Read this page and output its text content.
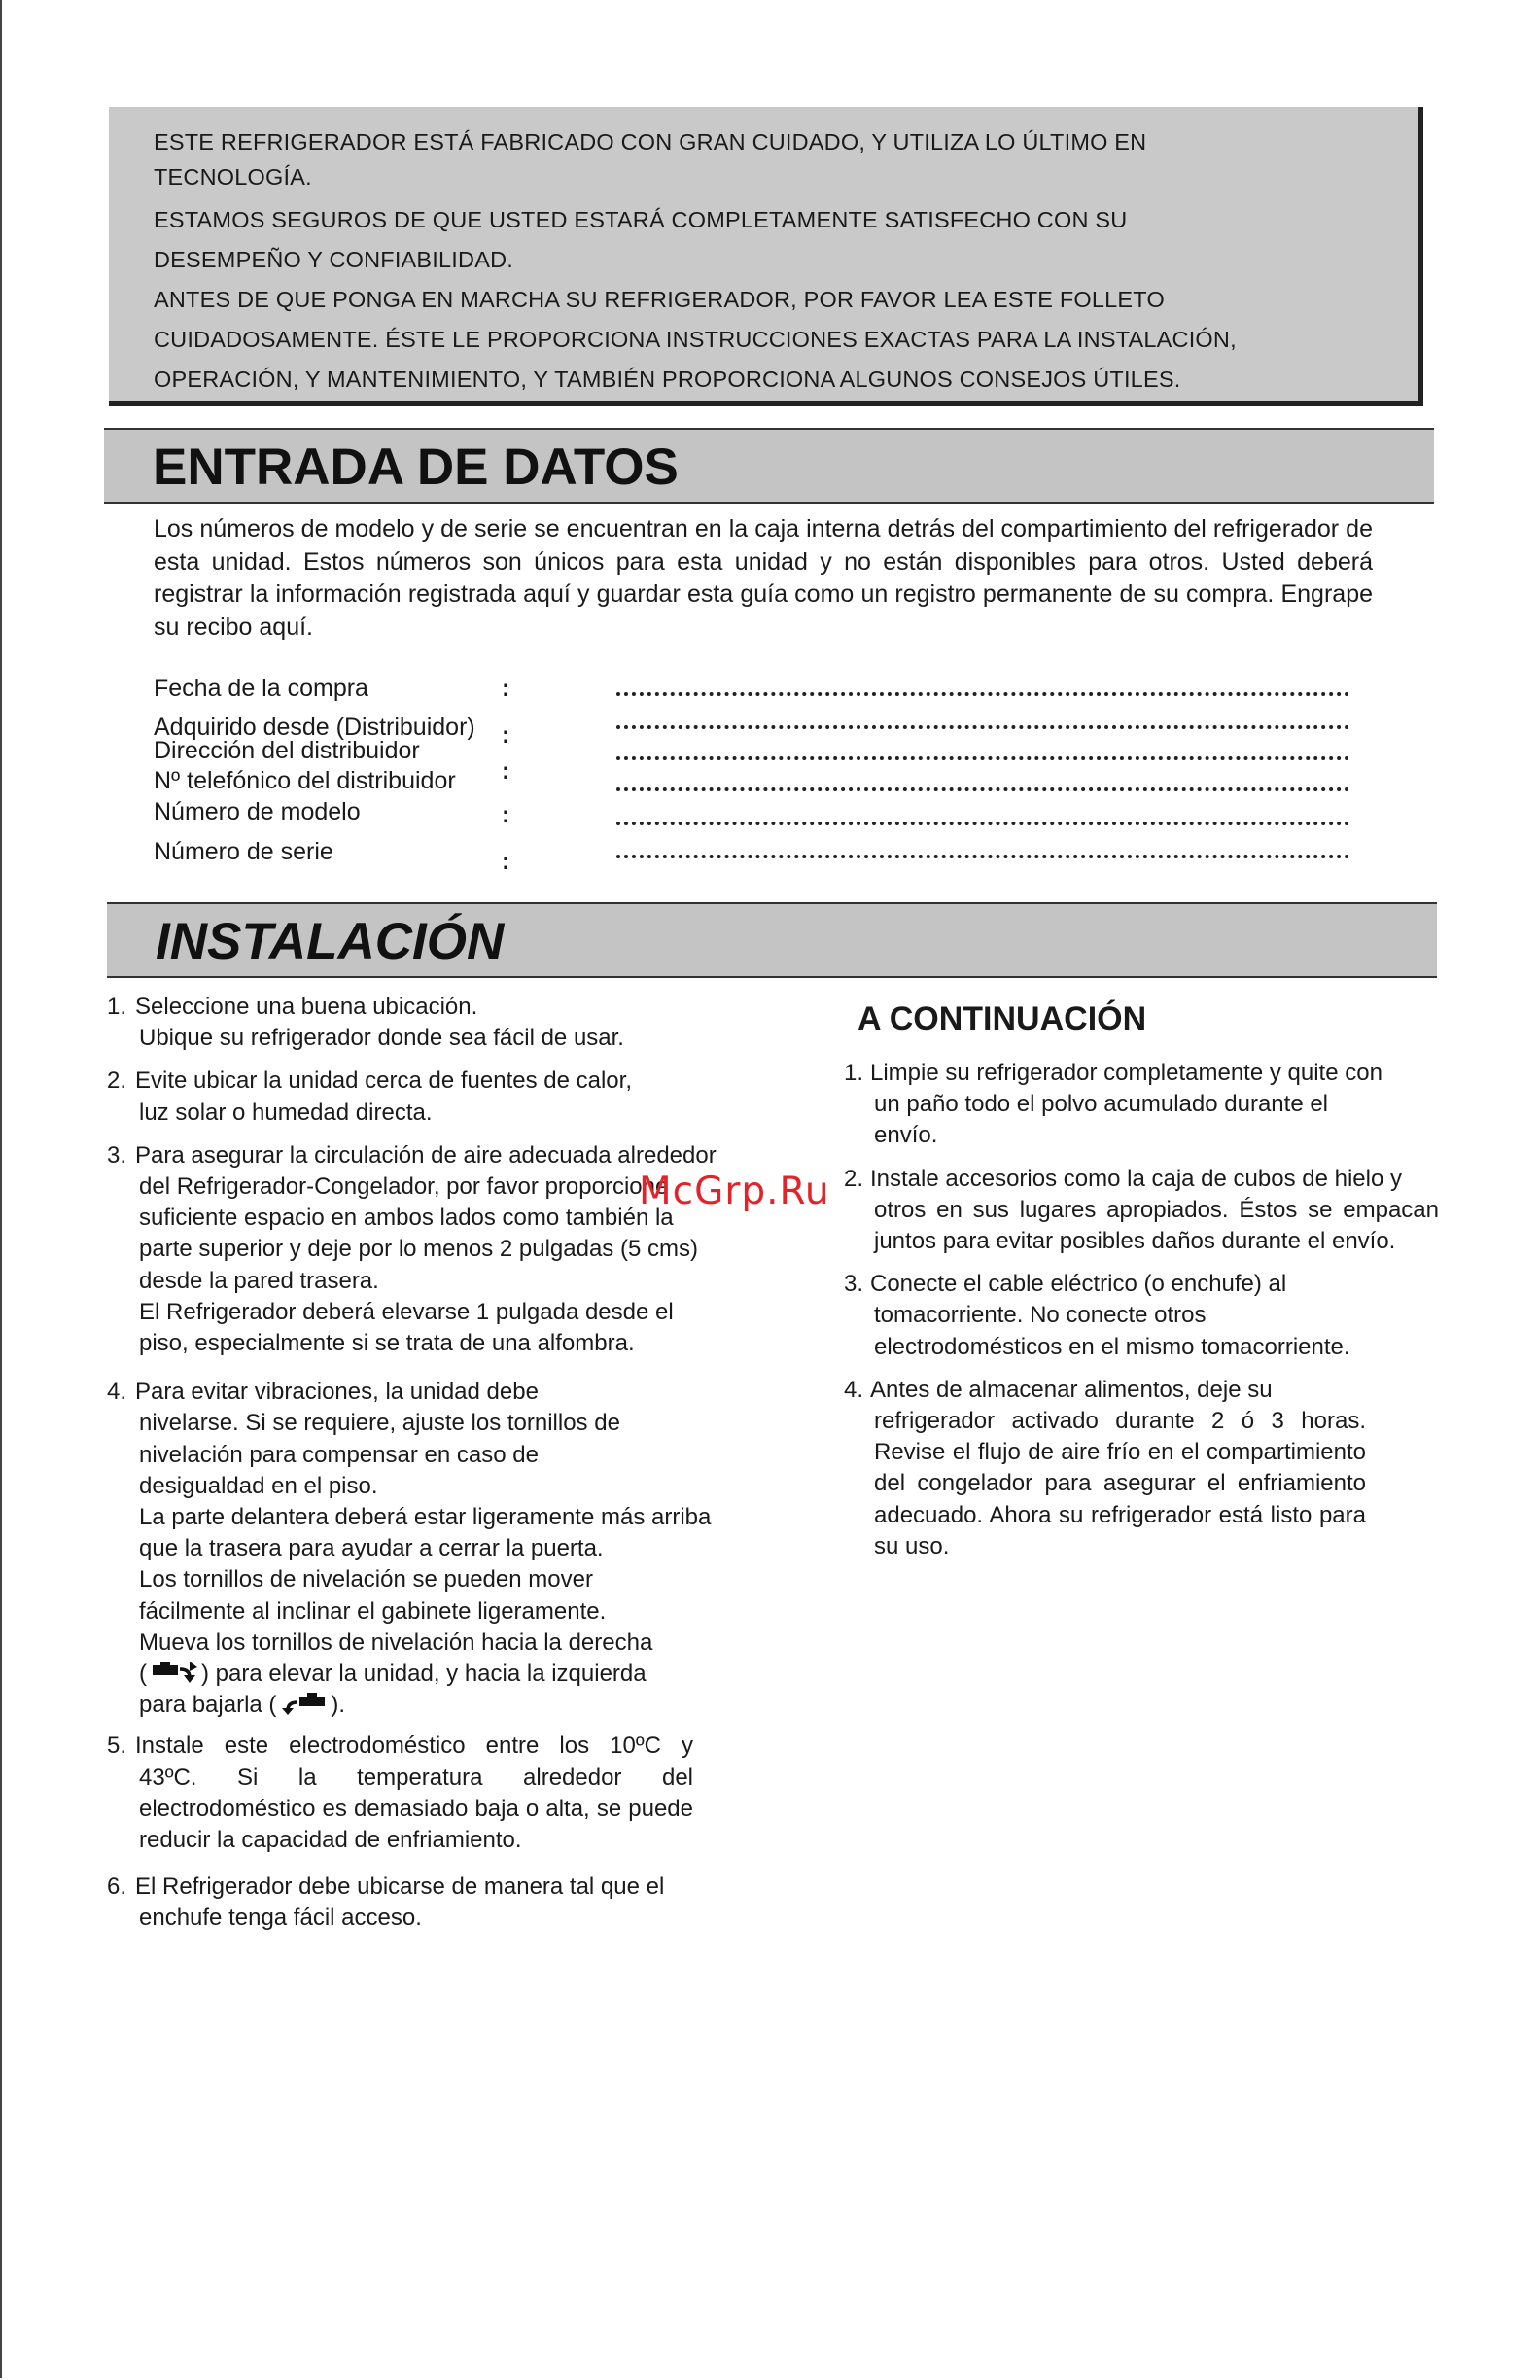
ESTE REFRIGERADOR ESTÁ FABRICADO CON GRAN CUIDADO, Y UTILIZA LO ÚLTIMO EN

TECNOLOGÍA.

ESTAMOS SEGUROS DE QUE USTED ESTARÁ COMPLETAMENTE SATISFECHO CON SU

DESEMPEÑO Y CONFIABILIDAD.

ANTES DE QUE PONGA EN MARCHA SU REFRIGERADOR, POR FAVOR LEA ESTE FOLLETO

CUIDADOSAMENTE. ÉSTE LE PROPORCIONA INSTRUCCIONES EXACTAS PARA LA INSTALACIÓN,

OPERACIÓN, Y MANTENIMIENTO, Y TAMBIÉN PROPORCIONA ALGUNOS CONSEJOS ÚTILES.

ENTRADA DE DATOS

Los números de modelo y de serie se encuentran en la caja interna detrás del compartimiento del refrigerador de esta unidad. Estos números son únicos para esta unidad y no están disponibles para otros. Usted deberá registrar la información registrada aquí y guardar esta guía como un registro permanente de su compra. Engrape su recibo aquí.

Fecha de la compra	:
Adquirido desde (Distribuidor) :
Dirección del distribuidor
Nº telefónico del distribuidor :
Número de modelo	:
Número de serie	:
INSTALACIÓN
1. Seleccione una buena ubicación.
Ubique su refrigerador donde sea fácil de usar.

2. Evite ubicar la unidad cerca de fuentes de calor,
luz solar o humedad directa.

3. Para asegurar la circulación de aire adecuada alrededor
del Refrigerador-Congelador, por favor proporcione suficiente espacio en ambos lados como también la parte superior y deje por lo menos 2 pulgadas (5 cms) desde la pared trasera.
El Refrigerador deberá elevarse 1 pulgada desde el piso, especialmente si se trata de una alfombra.

4. Para evitar vibraciones, la unidad debe
nivelarse. Si se requiere, ajuste los tornillos de nivelación para compensar en caso de desigualdad en el piso.
La parte delantera deberá estar ligeramente más arriba que la trasera para ayudar a cerrar la puerta.
Los tornillos de nivelación se pueden mover fácilmente al inclinar el gabinete ligeramente.
Mueva los tornillos de nivelación hacia la derecha
( ) para elevar la unidad, y hacia la izquierda
para bajarla ( ).

5. Instale este electrodoméstico entre los 10ºC y
43ºC. Si la temperatura alrededor del electrodoméstico es demasiado baja o alta, se puede reducir la capacidad de enfriamiento.

6. El Refrigerador debe ubicarse de manera tal que el
enchufe tenga fácil acceso.

A CONTINUACIÓN
1. Limpie su refrigerador completamente y quite con
un paño todo el polvo acumulado durante el envío.

2. Instale accesorios como la caja de cubos de hielo y
otros en sus lugares apropiados. Éstos se empacan juntos para evitar posibles daños durante el envío.

3. Conecte el cable eléctrico (o enchufe) al
tomacorriente. No conecte otros electrodomésticos en el mismo tomacorriente.

4. Antes de almacenar alimentos, deje su
refrigerador activado durante 2 ó 3 horas. Revise el flujo de aire frío en el compartimiento del congelador para asegurar el enfriamiento adecuado. Ahora su refrigerador está listo para su uso.

McGrp.Ru
